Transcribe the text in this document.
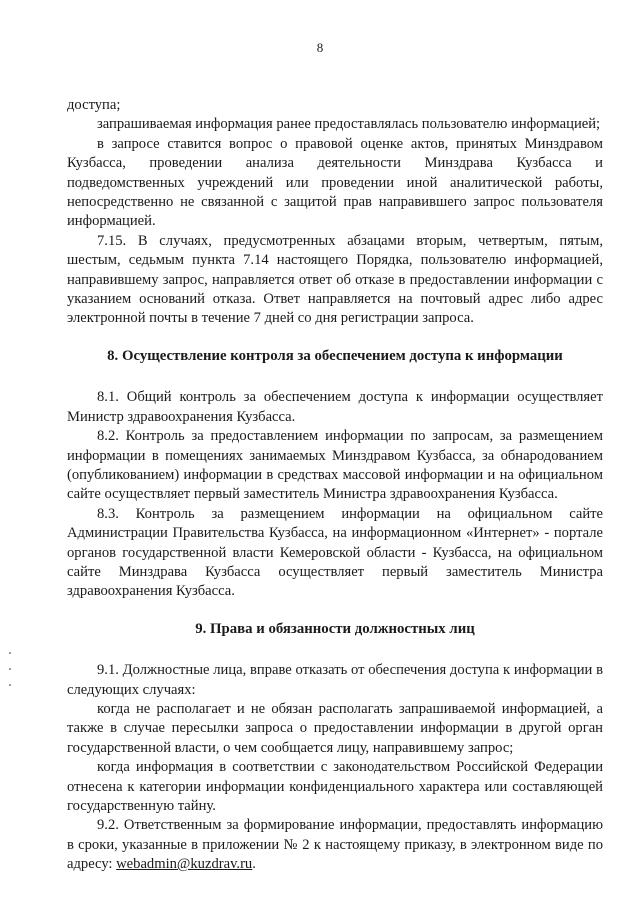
8

доступа;

запрашиваемая информация ранее предоставлялась пользователю информацией;

в запросе ставится вопрос о правовой оценке актов, принятых Минздравом Кузбасса, проведении анализа деятельности Минздрава Кузбасса и подведомственных учреждений или проведении иной аналитической работы, непосредственно не связанной с защитой прав направившего запрос пользователя информацией.

7.15. В случаях, предусмотренных абзацами вторым, четвертым, пятым, шестым, седьмым пункта 7.14 настоящего Порядка, пользователю информацией, направившему запрос, направляется ответ об отказе в предоставлении информации с указанием оснований отказа. Ответ направляется на почтовый адрес либо адрес электронной почты в течение 7 дней со дня регистрации запроса.

8. Осуществление контроля за обеспечением доступа к информации

8.1. Общий контроль за обеспечением доступа к информации осуществляет Министр здравоохранения Кузбасса.

8.2. Контроль за предоставлением информации по запросам, за размещением информации в помещениях занимаемых Минздравом Кузбасса, за обнародованием (опубликованием) информации в средствах массовой информации и на официальном сайте осуществляет первый заместитель Министра здравоохранения Кузбасса.

8.3. Контроль за размещением информации на официальном сайте Администрации Правительства Кузбасса, на информационном «Интернет» - портале органов государственной власти Кемеровской области - Кузбасса, на официальном сайте Минздрава Кузбасса осуществляет первый заместитель Министра здравоохранения Кузбасса.

9. Права и обязанности должностных лиц

9.1. Должностные лица, вправе отказать от обеспечения доступа к информации в следующих случаях:

когда не располагает и не обязан располагать запрашиваемой информацией, а также в случае пересылки запроса о предоставлении информации в другой орган государственной власти, о чем сообщается лицу, направившему запрос;

когда информация в соответствии с законодательством Российской Федерации отнесена к категории информации конфиденциального характера или составляющей государственную тайну.

9.2. Ответственным за формирование информации, предоставлять информацию в сроки, указанные в приложении № 2 к настоящему приказу, в электронном виде по адресу: webadmin@kuzdrav.ru.
